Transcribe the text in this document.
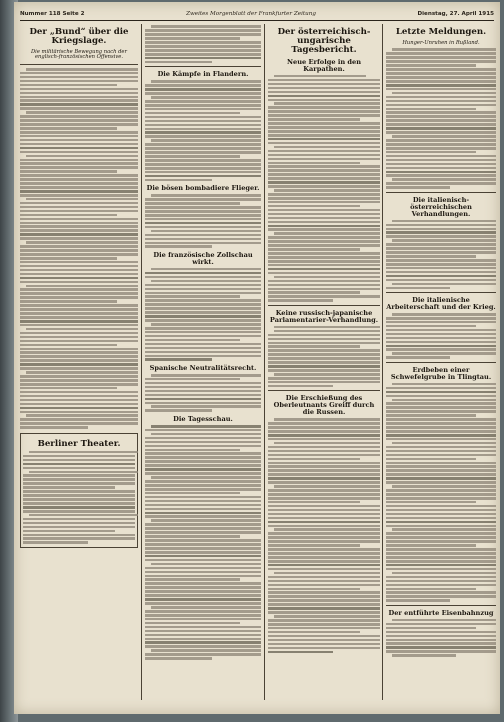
Nummer 118 Seite 2	Zweites Morgenblatt der Frankfurter Zeitung	Dienstag, 27. April 1915
Der „Bund“ über die Kriegslage.
Die militärische Bewegung nach der englisch-französischen Offensive.
Berliner Theater.
Die Kämpfe in Flandern.
Die bösen bombadiere Flieger.
Die französische Zollschau wirkt.
Spanische Neutralitätsrecht.
Die Tagesschau.
Der österreichisch-ungarische Tagesbericht.
Neue Erfolge in den Karpathen.
Keine russisch-japanische Parlamentarier-Verhandlung.
Die Erschießung des Oberleutnants Greiff durch die Russen.
Letzte Meldungen.
Hunger-Unruhen in Rußland.
Die italienisch-österreichischen Verhandlungen.
Die italienische Arbeiterschaft und der Krieg.
Erdbeben einer Schwefelgrube in Tlingtau.
Der entführte Eisenbahnzug
